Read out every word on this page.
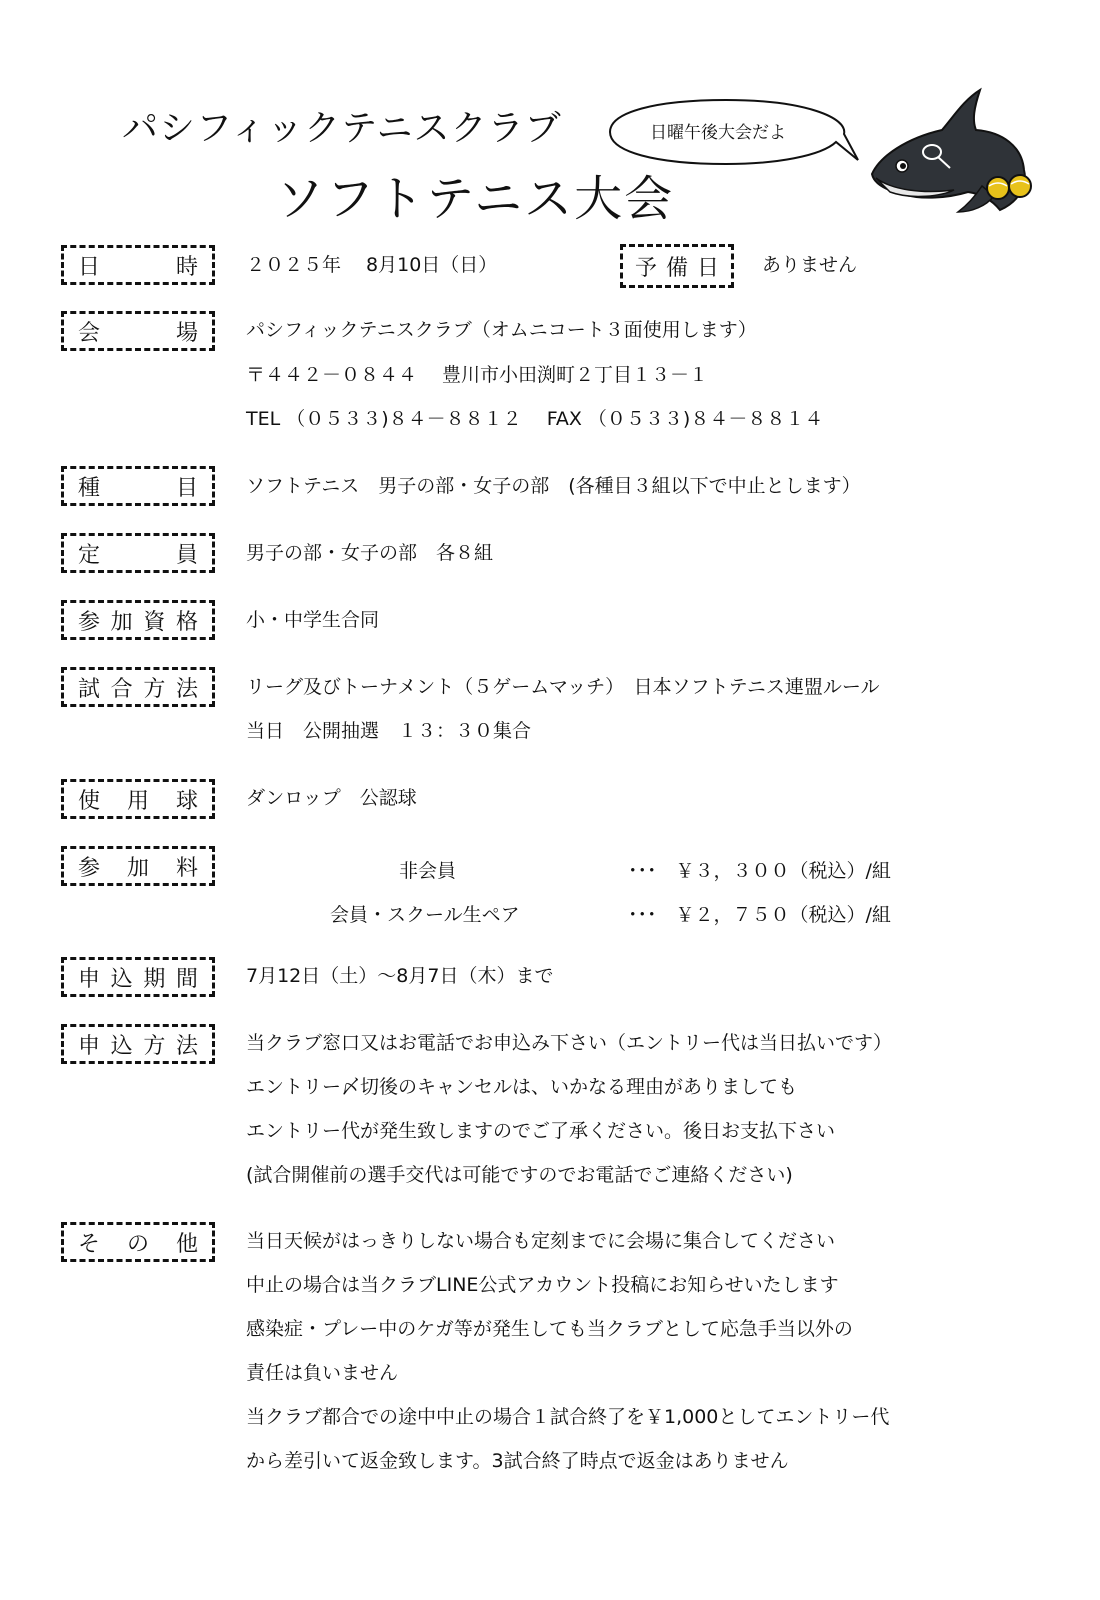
パシフィックテニスクラブ
ソフトテニス大会
日曜午後大会だよ
日	時	２０２５年　 8月10日（日）	予 備 日 ありません
会	場	パシフィックテニスクラブ（オムニコート３面使用します）
〒４４２－０８４４　 豊川市小田渕町２丁目１３－１
TEL （０５３３)８４－８８１２　 FAX （０５３３)８４－８８１４
種	目	ソフトテニス　男子の部・女子の部　(各種目３組以下で中止とします）
定	員	男子の部・女子の部　各８組
参 加 資 格	小・中学生合同
試 合 方 法	リーグ及びトーナメント（５ゲームマッチ）　日本ソフトテニス連盟ルール
当日　公開抽選　１３：３０集合
使 用 球	ダンロップ　公認球
参 加 料	非会員	･･･　￥３，３００（税込）/組
会員・スクール生ペア	･･･　￥２，７５０（税込）/組
申 込 期 間	7月12日（土）～8月7日（木）まで
申 込 方 法	当クラブ窓口又はお電話でお申込み下さい（エントリー代は当日払いです）
エントリー〆切後のキャンセルは、いかなる理由がありましても
エントリー代が発生致しますのでご了承ください。後日お支払下さい
(試合開催前の選手交代は可能ですのでお電話でご連絡ください)
そ の 他	当日天候がはっきりしない場合も定刻までに会場に集合してください
中止の場合は当クラブLINE公式アカウント投稿にお知らせいたします
感染症・プレー中のケガ等が発生しても当クラブとして応急手当以外の
責任は負いません
当クラブ都合での途中中止の場合１試合終了を￥1,000としてエントリー代
から差引いて返金致します。3試合終了時点で返金はありません
